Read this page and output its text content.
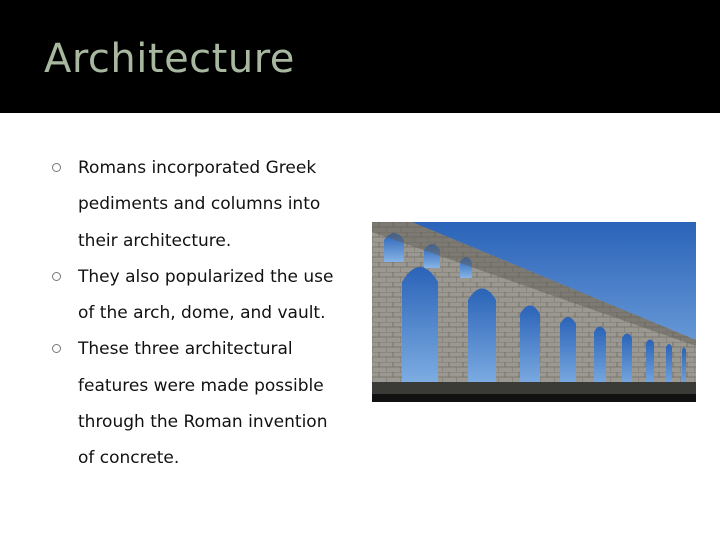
Architecture
Romans incorporated Greek pediments and columns into their architecture.
They also popularized the use of the arch, dome, and vault.
These three architectural features were made possible through the Roman invention of concrete.
